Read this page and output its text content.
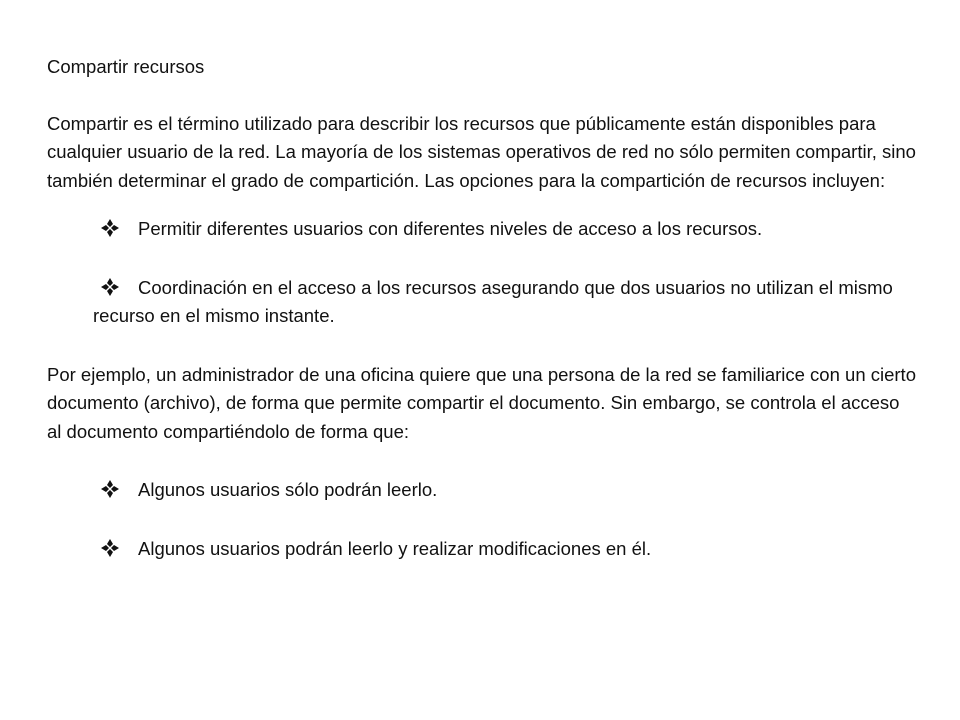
Compartir recursos
Compartir es el término utilizado para describir los recursos que públicamente están disponibles para cualquier usuario de la red. La mayoría de los sistemas operativos de red no sólo permiten compartir, sino también determinar el grado de compartición. Las opciones para la compartición de recursos incluyen:
Permitir diferentes usuarios con diferentes niveles de acceso a los recursos.
Coordinación en el acceso a los recursos asegurando que dos usuarios no utilizan el mismo recurso en el mismo instante.
Por ejemplo, un administrador de una oficina quiere que una persona de la red se familiarice con un cierto documento (archivo), de forma que permite compartir el documento. Sin embargo, se controla el acceso al documento compartiéndolo de forma que:
Algunos usuarios sólo podrán leerlo.
Algunos usuarios podrán leerlo y realizar modificaciones en él.
